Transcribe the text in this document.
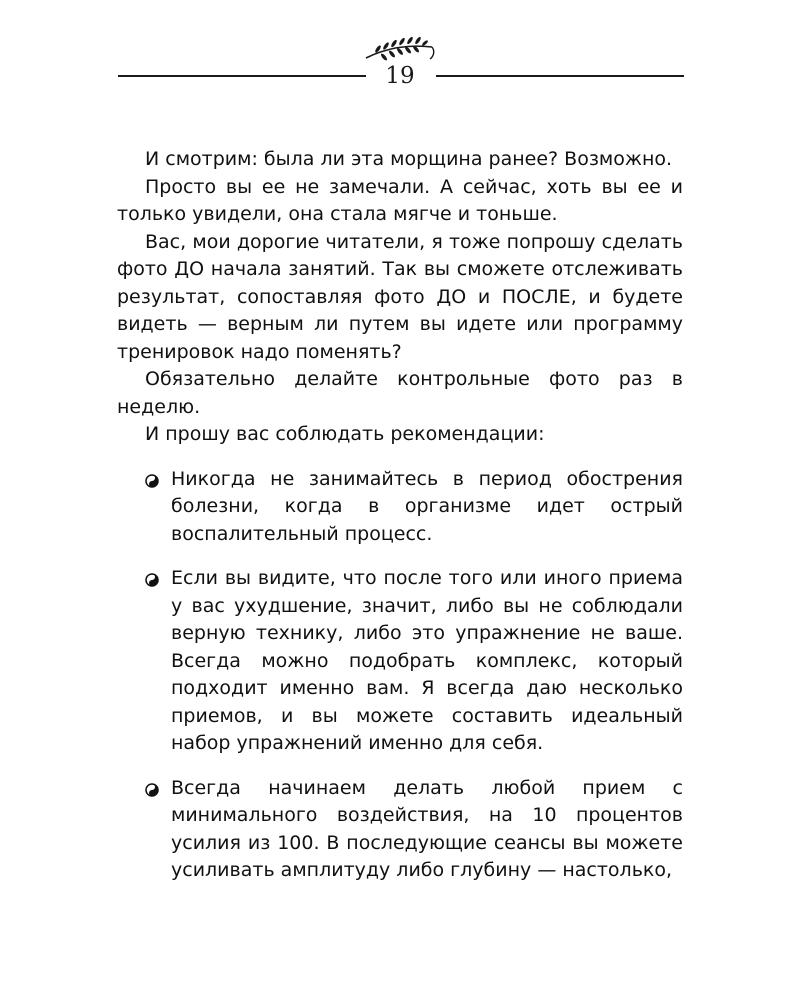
19

И смотрим: была ли эта морщина ранее? Возможно.

Просто вы ее не замечали. А сейчас, хоть вы ее и только увидели, она стала мягче и тоньше.

Вас, мои дорогие читатели, я тоже попрошу сделать фото ДО начала занятий. Так вы сможете отслеживать результат, сопоставляя фото ДО и ПОСЛЕ, и будете видеть — верным ли путем вы идете или программу тренировок надо поменять?

Обязательно делайте контрольные фото раз в неделю.

И прошу вас соблюдать рекомендации:

Никогда не занимайтесь в период обострения болезни, когда в организме идет острый воспалительный процесс.
Если вы видите, что после того или иного приема у вас ухудшение, значит, либо вы не соблюдали верную технику, либо это упражнение не ваше. Всегда можно подобрать комплекс, который подходит именно вам. Я всегда даю несколько приемов, и вы можете составить идеальный набор упражнений именно для себя.
Всегда начинаем делать любой прием с минимального воздействия, на 10 процентов усилия из 100. В последующие сеансы вы можете усиливать амплитуду либо глубину — настолько,
